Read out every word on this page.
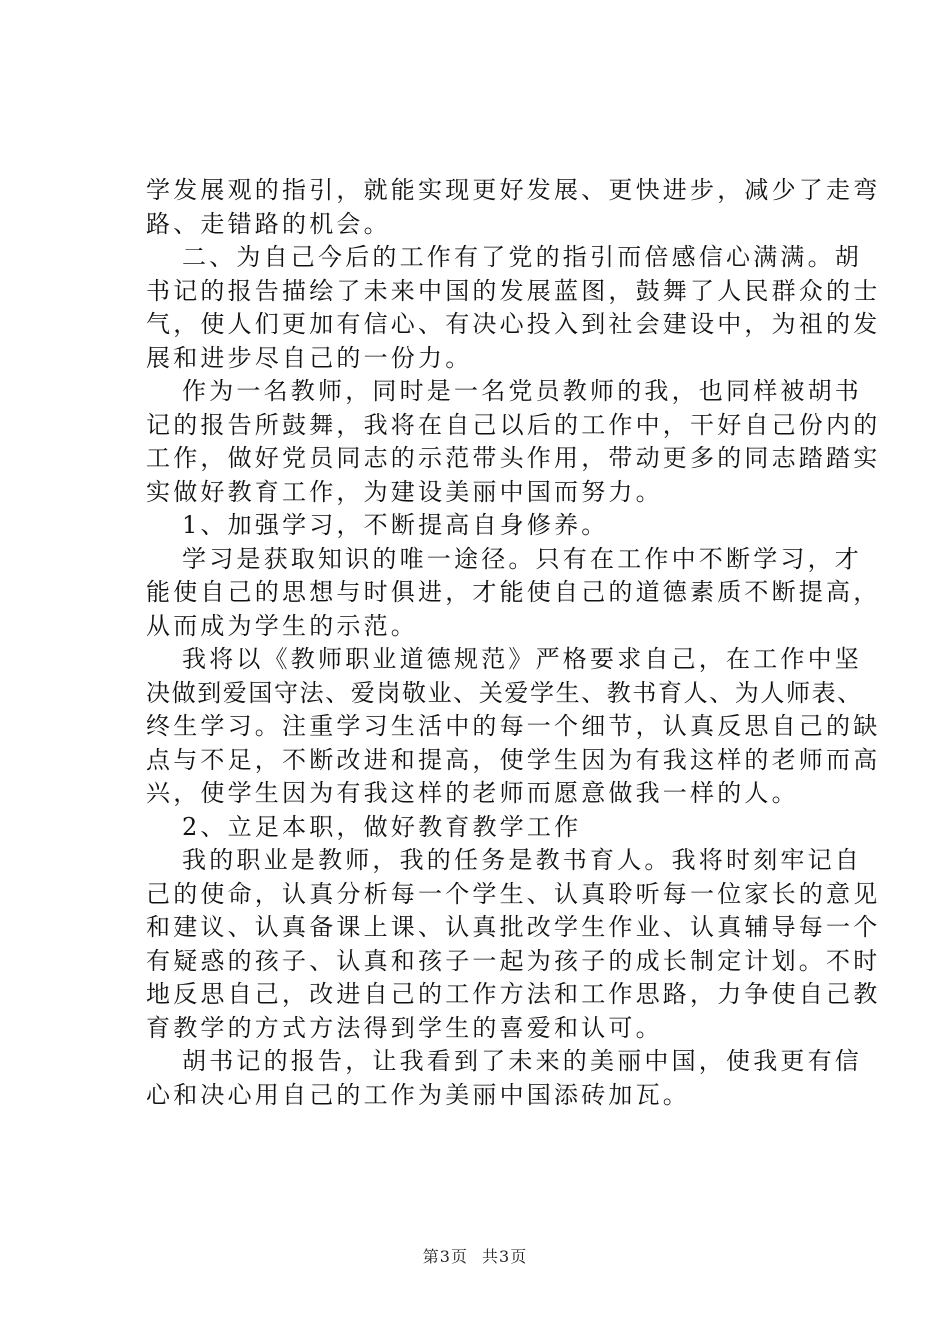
学发展观的指引，就能实现更好发展、更快进步，减少了走弯
路、走错路的机会。
二、为自己今后的工作有了党的指引而倍感信心满满。胡
书记的报告描绘了未来中国的发展蓝图，鼓舞了人民群众的士
气，使人们更加有信心、有决心投入到社会建设中，为祖的发
展和进步尽自己的一份力。
作为一名教师，同时是一名党员教师的我，也同样被胡书
记的报告所鼓舞，我将在自己以后的工作中，干好自己份内的
工作，做好党员同志的示范带头作用，带动更多的同志踏踏实
实做好教育工作，为建设美丽中国而努力。
1、加强学习，不断提高自身修养。
学习是获取知识的唯一途径。只有在工作中不断学习，才
能使自己的思想与时俱进，才能使自己的道德素质不断提高，
从而成为学生的示范。
我将以《教师职业道德规范》严格要求自己，在工作中坚
决做到爱国守法、爱岗敬业、关爱学生、教书育人、为人师表、
终生学习。注重学习生活中的每一个细节，认真反思自己的缺
点与不足，不断改进和提高，使学生因为有我这样的老师而高
兴，使学生因为有我这样的老师而愿意做我一样的人。
2、立足本职，做好教育教学工作
我的职业是教师，我的任务是教书育人。我将时刻牢记自
己的使命，认真分析每一个学生、认真聆听每一位家长的意见
和建议、认真备课上课、认真批改学生作业、认真辅导每一个
有疑惑的孩子、认真和孩子一起为孩子的成长制定计划。不时
地反思自己，改进自己的工作方法和工作思路，力争使自己教
育教学的方式方法得到学生的喜爱和认可。
胡书记的报告，让我看到了未来的美丽中国，使我更有信
心和决心用自己的工作为美丽中国添砖加瓦。
第3页 共3页
